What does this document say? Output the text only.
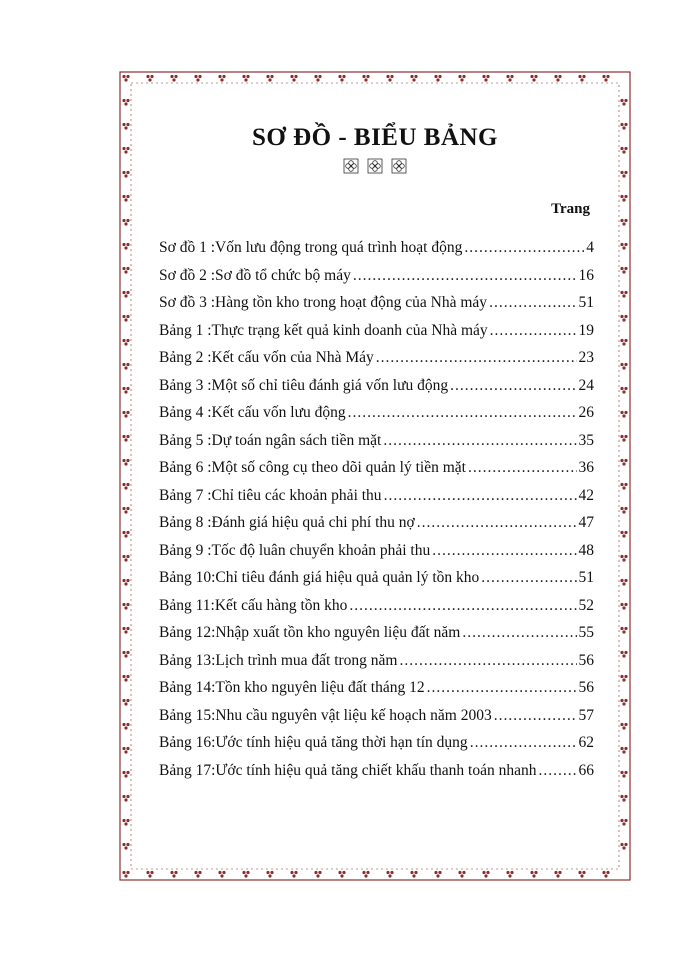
SƠ ĐỒ - BIỂU BẢNG

Trang
Sơ đồ 1 : Vốn lưu động trong quá trình hoạt động .....	4
Sơ đồ 2 : Sơ đồ tổ chức bộ máy .....	16
Sơ đồ 3 : Hàng tồn kho trong hoạt động của Nhà máy .....	51
Bảng 1 : Thực trạng kết quả kinh doanh của Nhà máy .....	19
Bảng 2 : Kết cấu vốn của Nhà Máy .....	23
Bảng 3 : Một số chỉ tiêu đánh giá vốn lưu động .....	24
Bảng 4 : Kết cấu vốn lưu động .....	26
Bảng 5 : Dự toán ngân sách tiền mặt .....	35
Bảng 6 : Một số công cụ theo dõi quản lý tiền mặt .....	36
Bảng 7 : Chỉ tiêu các khoản phải thu .....	42
Bảng 8 : Đánh giá hiệu quả chi phí thu nợ .....	47
Bảng 9 : Tốc độ luân chuyển khoản phải thu .....	48
Bảng 10: Chỉ tiêu đánh giá hiệu quả quản lý tồn kho .....	51
Bảng 11: Kết cấu hàng tồn kho .....	52
Bảng 12: Nhập xuất tồn kho nguyên liệu đất năm .....	55
Bảng 13: Lịch trình mua đất trong năm .....	56
Bảng 14: Tồn kho nguyên liệu đất tháng 12 .....	56
Bảng 15: Nhu cầu nguyên vật liệu kế hoạch năm 2003 .....	57
Bảng 16: Ước tính hiệu quả tăng thời hạn tín dụng .....	62
Bảng 17: Ước tính hiệu quả tăng chiết khấu thanh toán nhanh .....	66
